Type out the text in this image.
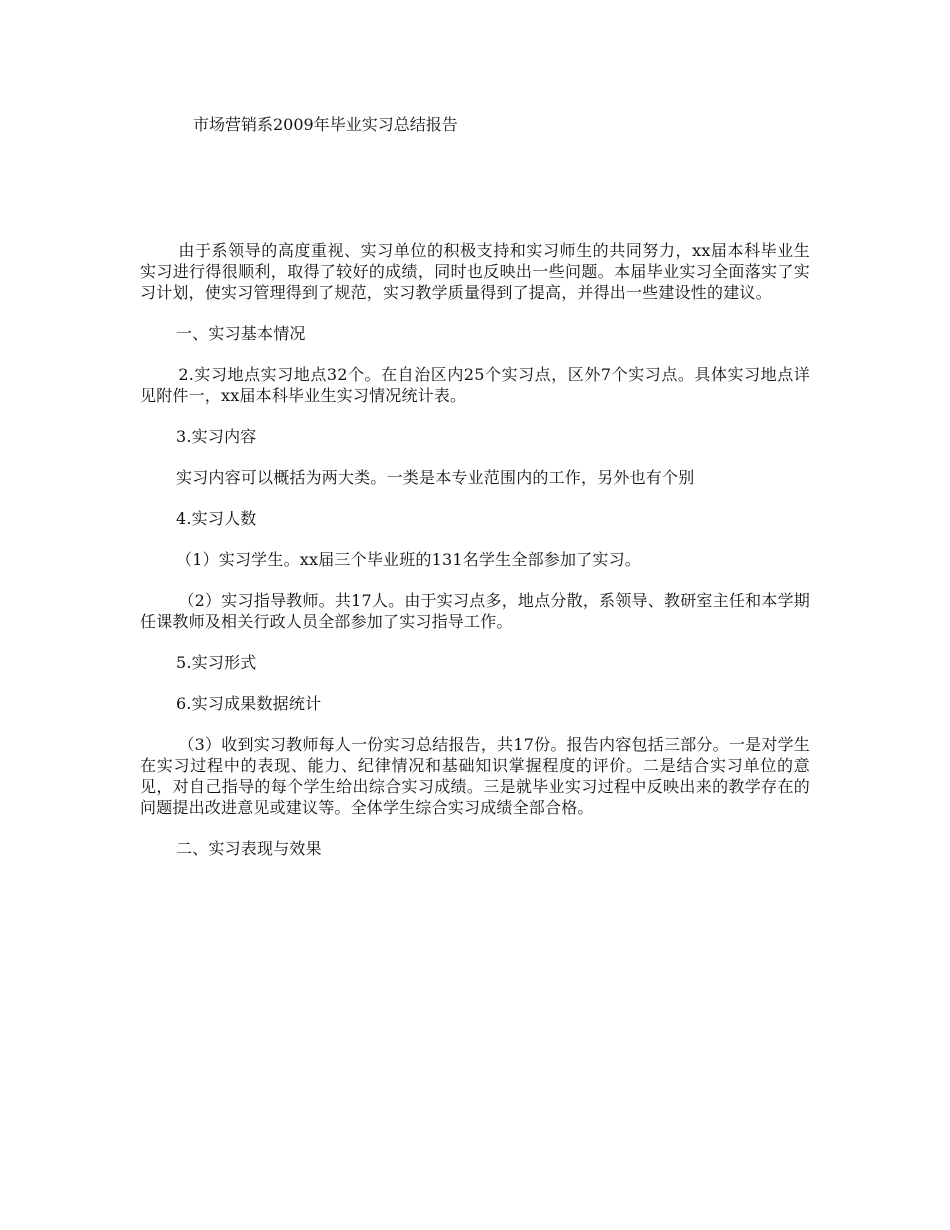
市场营销系2009年毕业实习总结报告

由于系领导的高度重视、实习单位的积极支持和实习师生的共同努力，xx届本科毕业生实习进行得很顺利，取得了较好的成绩，同时也反映出一些问题。本届毕业实习全面落实了实习计划，使实习管理得到了规范，实习教学质量得到了提高，并得出一些建设性的建议。

一、实习基本情况

2.实习地点实习地点32个。在自治区内25个实习点，区外7个实习点。具体实习地点详见附件一，xx届本科毕业生实习情况统计表。

3.实习内容

实习内容可以概括为两大类。一类是本专业范围内的工作，另外也有个别

4.实习人数

（1）实习学生。xx届三个毕业班的131名学生全部参加了实习。

（2）实习指导教师。共17人。由于实习点多，地点分散，系领导、教研室主任和本学期任课教师及相关行政人员全部参加了实习指导工作。

5.实习形式

6.实习成果数据统计

（3）收到实习教师每人一份实习总结报告，共17份。报告内容包括三部分。一是对学生在实习过程中的表现、能力、纪律情况和基础知识掌握程度的评价。二是结合实习单位的意见，对自己指导的每个学生给出综合实习成绩。三是就毕业实习过程中反映出来的教学存在的问题提出改进意见或建议等。全体学生综合实习成绩全部合格。

二、实习表现与效果
